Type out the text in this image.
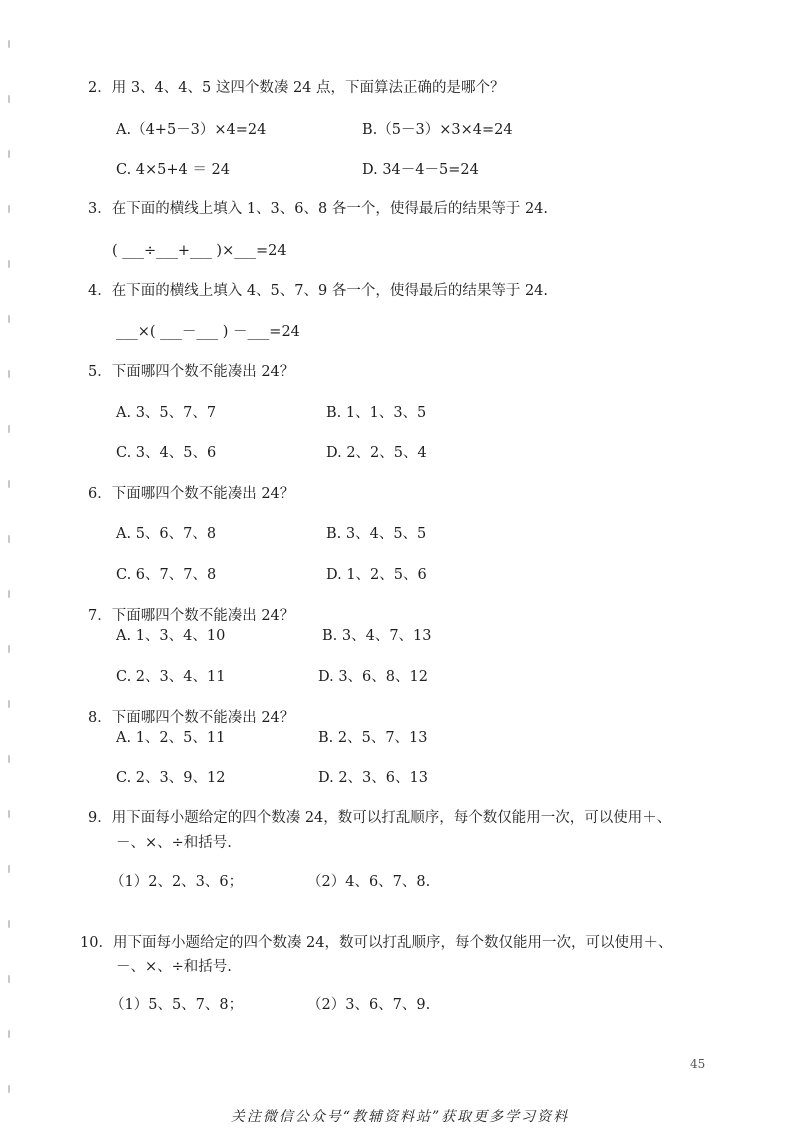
2．用 3、4、4、5 这四个数凑 24 点，下面算法正确的是哪个？
A.（4+5－3）×4=24	B.（5－3）×3×4=24
C. 4×5+4 ＝ 24	D. 34－4－5=24
3．在下面的横线上填入 1、3、6、8 各一个，使得最后的结果等于 24.
( ___÷___+___ )×___=24
4．在下面的横线上填入 4、5、7、9 各一个，使得最后的结果等于 24.
___×( ___－___ ) －___=24
5．下面哪四个数不能凑出 24？
A. 3、5、7、7	B. 1、1、3、5
C. 3、4、5、6	D. 2、2、5、4
6．下面哪四个数不能凑出 24？
A. 5、6、7、8	B. 3、4、5、5
C. 6、7、7、8	D. 1、2、5、6
7．下面哪四个数不能凑出 24？
A. 1、3、4、10	B. 3、4、7、13
C. 2、3、4、11	D. 3、6、8、12
8．下面哪四个数不能凑出 24？
A. 1、2、5、11	B. 2、5、7、13
C. 2、3、9、12	D. 2、3、6、13
9．用下面每小题给定的四个数凑 24，数可以打乱顺序，每个数仅能用一次，可以使用＋、
－、×、÷和括号.
（1）2、2、3、6；	（2）4、6、7、8.
10．用下面每小题给定的四个数凑 24，数可以打乱顺序，每个数仅能用一次，可以使用＋、
－、×、÷和括号.
（1）5、5、7、8；	（2）3、6、7、9.
45
关注微信公众号“教辅资料站”获取更多学习资料
